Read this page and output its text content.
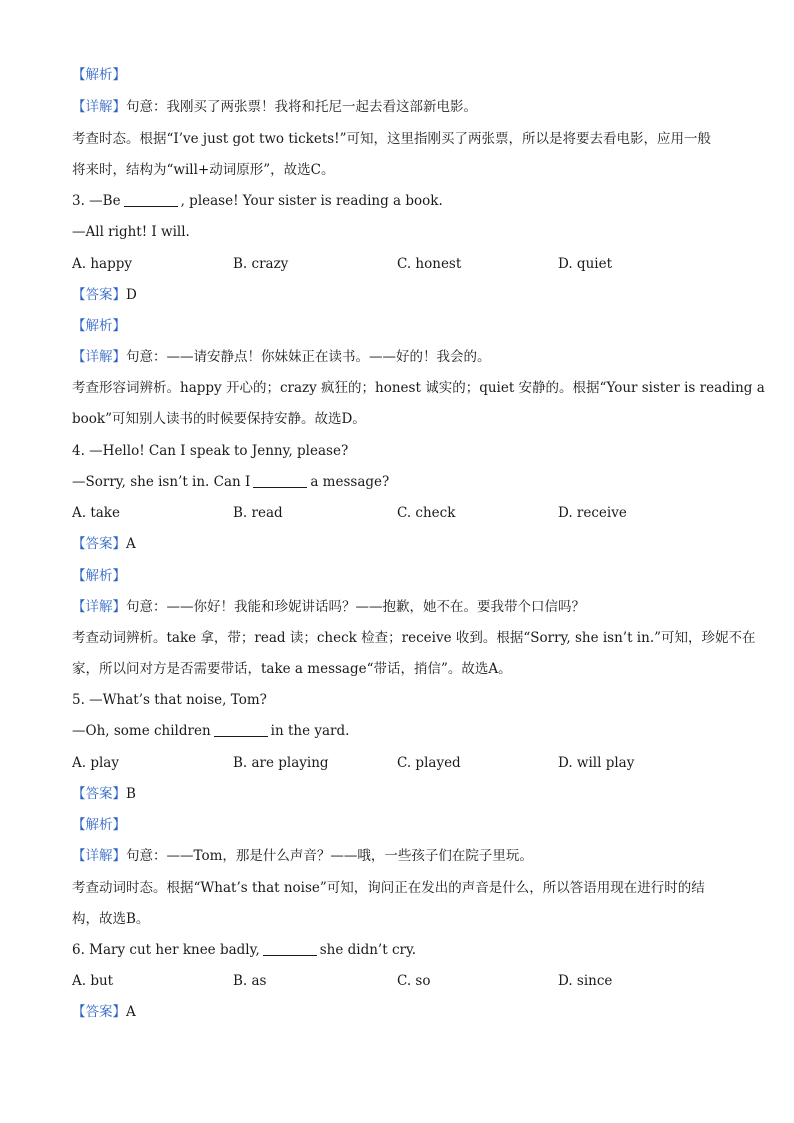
【解析】
【详解】句意：我刚买了两张票！我将和托尼一起去看这部新电影。
考查时态。根据“I’ve just got two tickets!”可知，这里指刚买了两张票，所以是将要去看电影，应用一般
将来时，结构为“will+动词原形”，故选C。
3. —Be	, please! Your sister is reading a book.
—All right! I will.
A. happy	B. crazy	C. honest	D. quiet
【答案】D
【解析】
【详解】句意：——请安静点！你妹妹正在读书。——好的！我会的。
考查形容词辨析。happy 开心的；crazy 疯狂的；honest 诚实的；quiet 安静的。根据“Your sister is reading a
book”可知别人读书的时候要保持安静。故选D。
4. —Hello! Can I speak to Jenny, please?
—Sorry, she isn’t in. Can I	a message?
A. take	B. read	C. check	D. receive
【答案】A
【解析】
【详解】句意：——你好！我能和珍妮讲话吗？——抱歉，她不在。要我带个口信吗？
考查动词辨析。take 拿，带；read 读；check 检查；receive 收到。根据“Sorry, she isn’t in.”可知，珍妮不在
家，所以问对方是否需要带话，take a message“带话，捎信”。故选A。
5. —What’s that noise, Tom?
—Oh, some children	in the yard.
A. play	B. are playing	C. played	D. will play
【答案】B
【解析】
【详解】句意：——Tom，那是什么声音？——哦，一些孩子们在院子里玩。
考查动词时态。根据“What’s that noise”可知，询问正在发出的声音是什么，所以答语用现在进行时的结
构，故选B。
6. Mary cut her knee badly,	she didn’t cry.
A. but	B. as	C. so	D. since
【答案】A
